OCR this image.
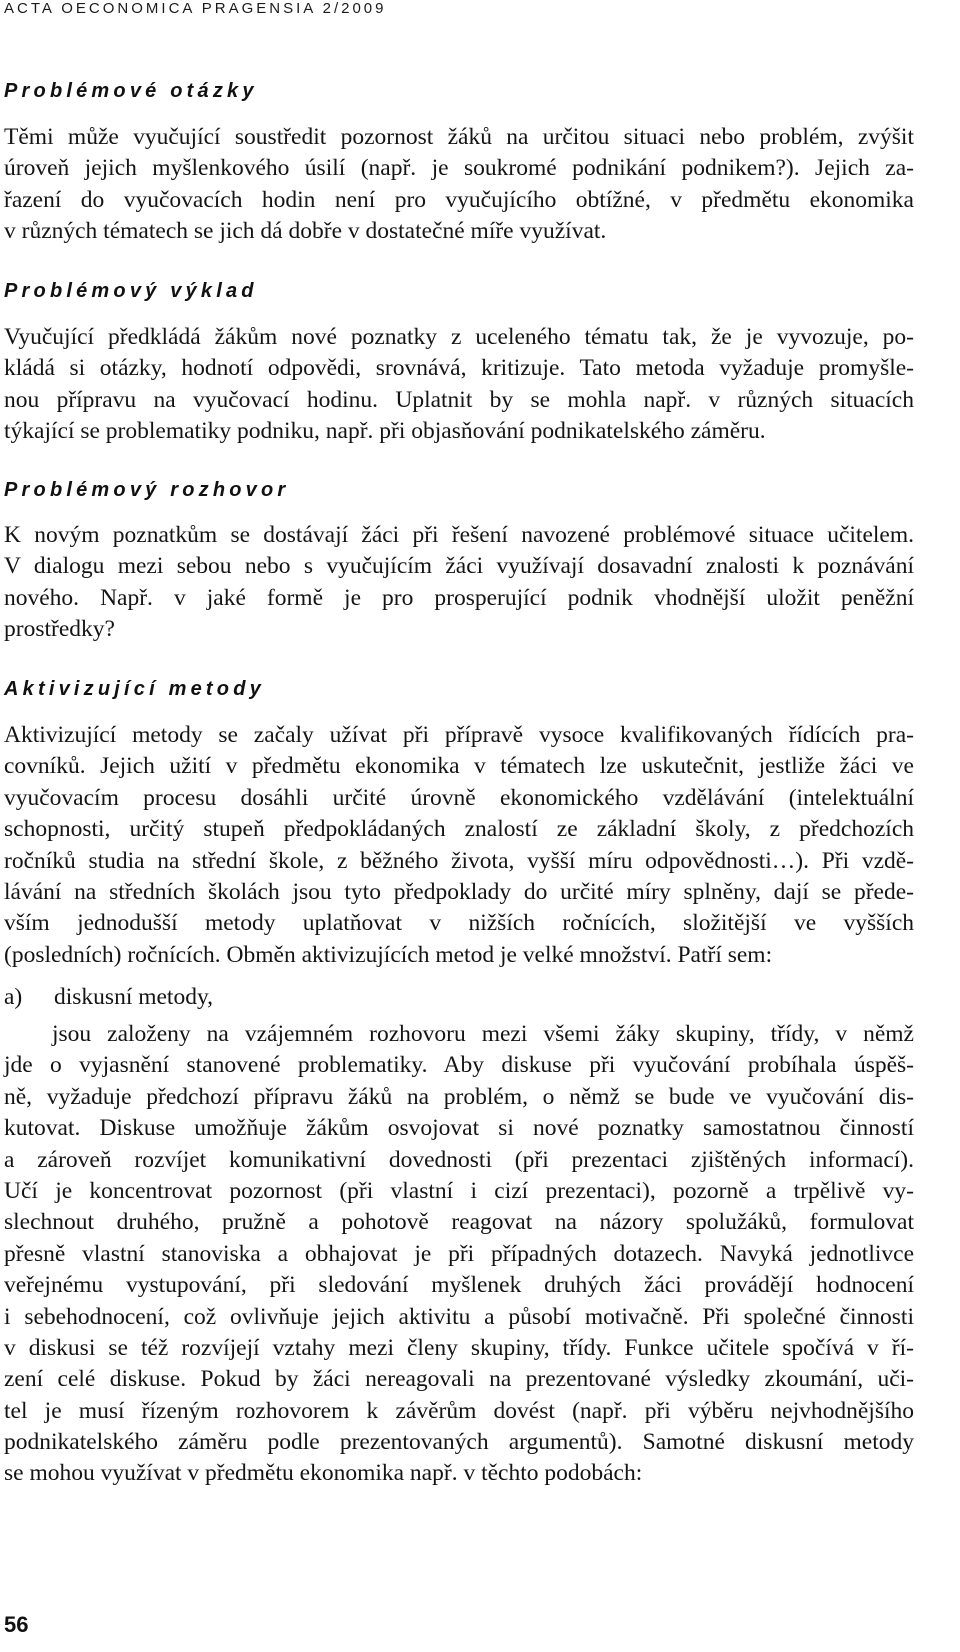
ACTA OECONOMICA PRAGENSIA 2/2009
Problémové otázky
Těmi může vyučující soustředit pozornost žáků na určitou situaci nebo problém, zvýšit
úroveň jejich myšlenkového úsilí (např. je soukromé podnikání podnikem?). Jejich za-
řazení do vyučovacích hodin není pro vyučujícího obtížné, v předmětu ekonomika
v různých tématech se jich dá dobře v dostatečné míře využívat.
Problémový výklad
Vyučující předkládá žákům nové poznatky z uceleného tématu tak, že je vyvozuje, po-
kládá si otázky, hodnotí odpovědi, srovnává, kritizuje. Tato metoda vyžaduje promyšle-
nou přípravu na vyučovací hodinu. Uplatnit by se mohla např. v různých situacích
týkající se problematiky podniku, např. při objasňování podnikatelského záměru.
Problémový rozhovor
K novým poznatkům se dostávají žáci při řešení navozené problémové situace učitelem.
V dialogu mezi sebou nebo s vyučujícím žáci využívají dosavadní znalosti k poznávání
nového. Např. v jaké formě je pro prosperující podnik vhodnější uložit peněžní
prostředky?
Aktivizující metody
Aktivizující metody se začaly užívat při přípravě vysoce kvalifikovaných řídících pra-
covníků. Jejich užití v předmětu ekonomika v tématech lze uskutečnit, jestliže žáci ve
vyučovacím procesu dosáhli určité úrovně ekonomického vzdělávání (intelektuální
schopnosti, určitý stupeň předpokládaných znalostí ze základní školy, z předchozích
ročníků studia na střední škole, z běžného života, vyšší míru odpovědnosti…). Při vzdě-
lávání na středních školách jsou tyto předpoklady do určité míry splněny, dají se přede-
vším jednodušší metody uplatňovat v nižších ročnících, složitější ve vyšších
(posledních) ročnících. Obměn aktivizujících metod je velké množství. Patří sem:
a) diskusní metody,
jsou založeny na vzájemném rozhovoru mezi všemi žáky skupiny, třídy, v němž
jde o vyjasnění stanovené problematiky. Aby diskuse při vyučování probíhala úspěš-
ně, vyžaduje předchozí přípravu žáků na problém, o němž se bude ve vyučování dis-
kutovat. Diskuse umožňuje žákům osvojovat si nové poznatky samostatnou činností
a zároveň rozvíjet komunikativní dovednosti (při prezentaci zjištěných informací).
Učí je koncentrovat pozornost (při vlastní i cizí prezentaci), pozorně a trpělivě vy-
slechnout druhého, pružně a pohotově reagovat na názory spolužáků, formulovat
přesně vlastní stanoviska a obhajovat je při případných dotazech. Navyká jednotlivce
veřejnému vystupování, při sledování myšlenek druhých žáci provádějí hodnocení
i sebehodnocení, což ovlivňuje jejich aktivitu a působí motivačně. Při společné činnosti
v diskusi se též rozvíjejí vztahy mezi členy skupiny, třídy. Funkce učitele spočívá v ří-
zení celé diskuse. Pokud by žáci nereagovali na prezentované výsledky zkoumání, uči-
tel je musí řízeným rozhovorem k závěrům dovést (např. při výběru nejvhodnějšího
podnikatelského záměru podle prezentovaných argumentů). Samotné diskusní metody
se mohou využívat v předmětu ekonomika např. v těchto podobách:
56
